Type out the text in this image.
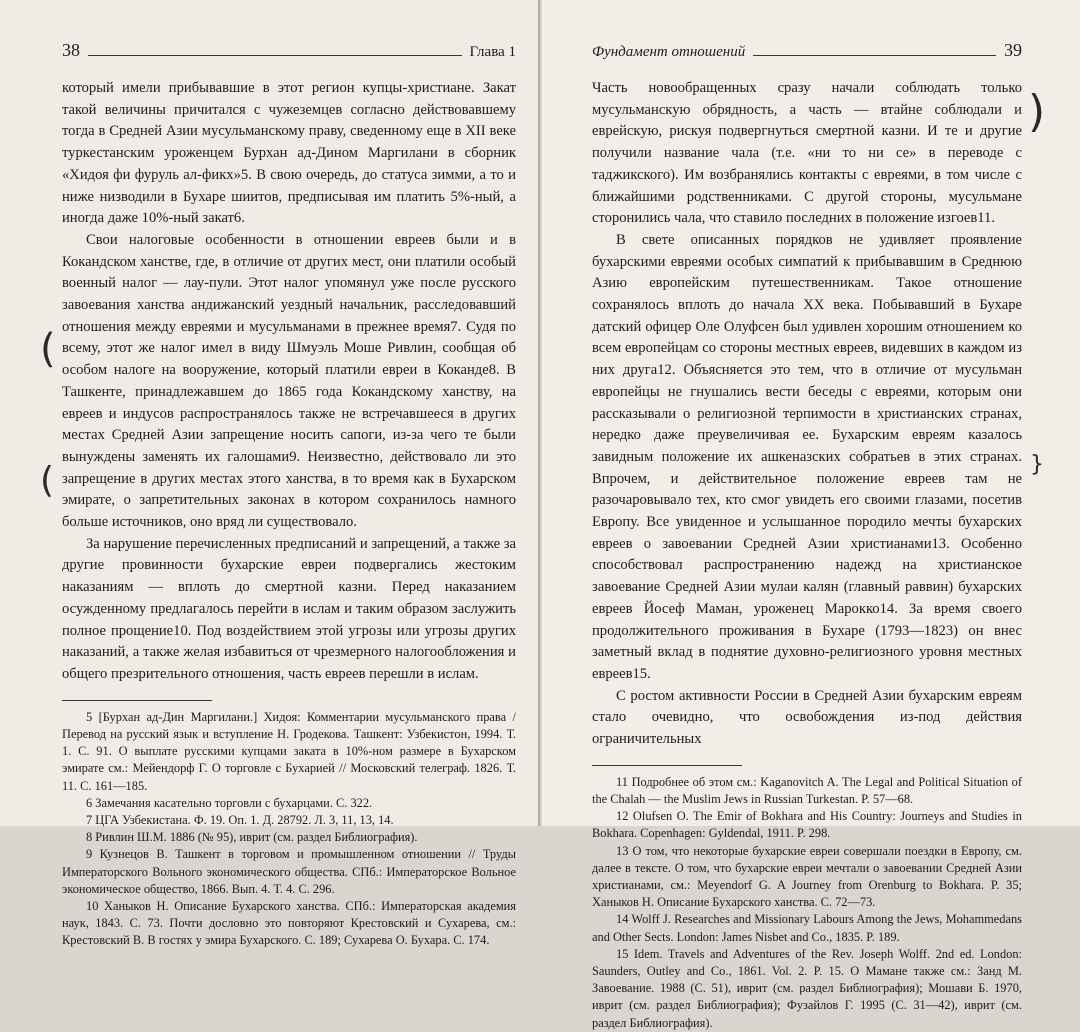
38	Глава 1

который имели прибывавшие в этот регион купцы-христиане. Закат такой величины причитался с чужеземцев согласно действовавшему тогда в Средней Азии мусульманскому праву, сведенному еще в XII веке туркестанским уроженцем Бурхан ад-Дином Маргилани в сборник «Хидоя фи фуруль ал-фикх»5. В свою очередь, до статуса зимми, а то и ниже низводили в Бухаре шиитов, предписывая им платить 5%-ный, а иногда даже 10%-ный закат6.

Свои налоговые особенности в отношении евреев были и в Кокандском ханстве, где, в отличие от других мест, они платили особый военный налог — лау-пули. Этот налог упомянул уже после русского завоевания ханства андижанский уездный начальник, расследовавший отношения между евреями и мусульманами в прежнее время7. Судя по всему, этот же налог имел в виду Шмуэль Моше Ривлин, сообщая об особом налоге на вооружение, который платили евреи в Коканде8. В Ташкенте, принадлежавшем до 1865 года Кокандскому ханству, на евреев и индусов распространялось также не встречавшееся в других местах Средней Азии запрещение носить сапоги, из-за чего те были вынуждены заменять их галошами9. Неизвестно, действовало ли это запрещение в других местах этого ханства, в то время как в Бухарском эмирате, о запретительных законах в котором сохранилось намного больше источников, оно вряд ли существовало.

За нарушение перечисленных предписаний и запрещений, а также за другие провинности бухарские евреи подвергались жестоким наказаниям — вплоть до смертной казни. Перед наказанием осужденному предлагалось перейти в ислам и таким образом заслужить полное прощение10. Под воздействием этой угрозы или угрозы других наказаний, а также желая избавиться от чрезмерного налогообложения и общего презрительного отношения, часть евреев перешли в ислам.

5 [Бурхан ад-Дин Маргилани.] Хидоя: Комментарии мусульманского права / Перевод на русский язык и вступление Н. Гродекова. Ташкент: Узбекистон, 1994. Т. 1. С. 91. О выплате русскими купцами заката в 10%-ном размере в Бухарском эмирате см.: Мейендорф Г. О торговле с Бухарией // Московский телеграф. 1826. Т. 11. С. 161—185.

6 Замечания касательно торговли с бухарцами. С. 322.

7 ЦГА Узбекистана. Ф. 19. Оп. 1. Д. 28792. Л. 3, 11, 13, 14.

8 Ривлин Ш.М. 1886 (№ 95), иврит (см. раздел Библиография).

9 Кузнецов В. Ташкент в торговом и промышленном отношении // Труды Императорского Вольного экономического общества. СПб.: Императорское Вольное экономическое общество, 1866. Вып. 4. Т. 4. С. 296.

10 Ханыков Н. Описание Бухарского ханства. СПб.: Императорская академия наук, 1843. С. 73. Почти дословно это повторяют Крестовский и Сухарева, см.: Крестовский В. В гостях у эмира Бухарского. С. 189; Сухарева О. Бухара. С. 174.

(
(
Фундамент отношений	39

Часть новообращенных сразу начали соблюдать только мусульманскую обрядность, а часть — втайне соблюдали и еврейскую, рискуя подвергнуться смертной казни. И те и другие получили название чала (т.е. «ни то ни се» в переводе с таджикского). Им возбранялись контакты с евреями, в том числе с ближайшими родственниками. С другой стороны, мусульмане сторонились чала, что ставило последних в положение изгоев11.

В свете описанных порядков не удивляет проявление бухарскими евреями особых симпатий к прибывавшим в Среднюю Азию европейским путешественникам. Такое отношение сохранялось вплоть до начала XX века. Побывавший в Бухаре датский офицер Оле Олуфсен был удивлен хорошим отношением ко всем европейцам со стороны местных евреев, видевших в каждом из них друга12. Объясняется это тем, что в отличие от мусульман европейцы не гнушались вести беседы с евреями, которым они рассказывали о религиозной терпимости в христианских странах, нередко даже преувеличивая ее. Бухарским евреям казалось завидным положение их ашкеназских собратьев в этих странах. Впрочем, и действительное положение евреев там не разочаровывало тех, кто смог увидеть его своими глазами, посетив Европу. Все увиденное и услышанное породило мечты бухарских евреев о завоевании Средней Азии христианами13. Особенно способствовал распространению надежд на христианское завоевание Средней Азии мулаи калян (главный раввин) бухарских евреев Йосеф Маман, уроженец Марокко14. За время своего продолжительного проживания в Бухаре (1793—1823) он внес заметный вклад в поднятие духовно-религиозного уровня местных евреев15.

С ростом активности России в Средней Азии бухарским евреям стало очевидно, что освобождения из-под действия ограничительных

11 Подробнее об этом см.: Kaganovitch A. The Legal and Political Situation of the Chalah — the Muslim Jews in Russian Turkestan. P. 57—68.

12 Olufsen O. The Emir of Bokhara and His Country: Journeys and Studies in Bokhara. Copenhagen: Gyldendal, 1911. P. 298.

13 О том, что некоторые бухарские евреи совершали поездки в Европу, см. далее в тексте. О том, что бухарские евреи мечтали о завоевании Средней Азии христианами, см.: Meyendorf G. A Journey from Orenburg to Bokhara. P. 35; Ханыков Н. Описание Бухарского ханства. С. 72—73.

14 Wolff J. Researches and Missionary Labours Among the Jews, Mohammedans and Other Sects. London: James Nisbet and Co., 1835. P. 189.

15 Idem. Travels and Adventures of the Rev. Joseph Wolff. 2nd ed. London: Saunders, Outley and Co., 1861. Vol. 2. P. 15. О Мамане также см.: Занд М. Завоевание. 1988 (С. 51), иврит (см. раздел Библиография); Мошави Б. 1970, иврит (см. раздел Библиография); Фузайлов Г. 1995 (С. 31—42), иврит (см. раздел Библиография).

)
}
